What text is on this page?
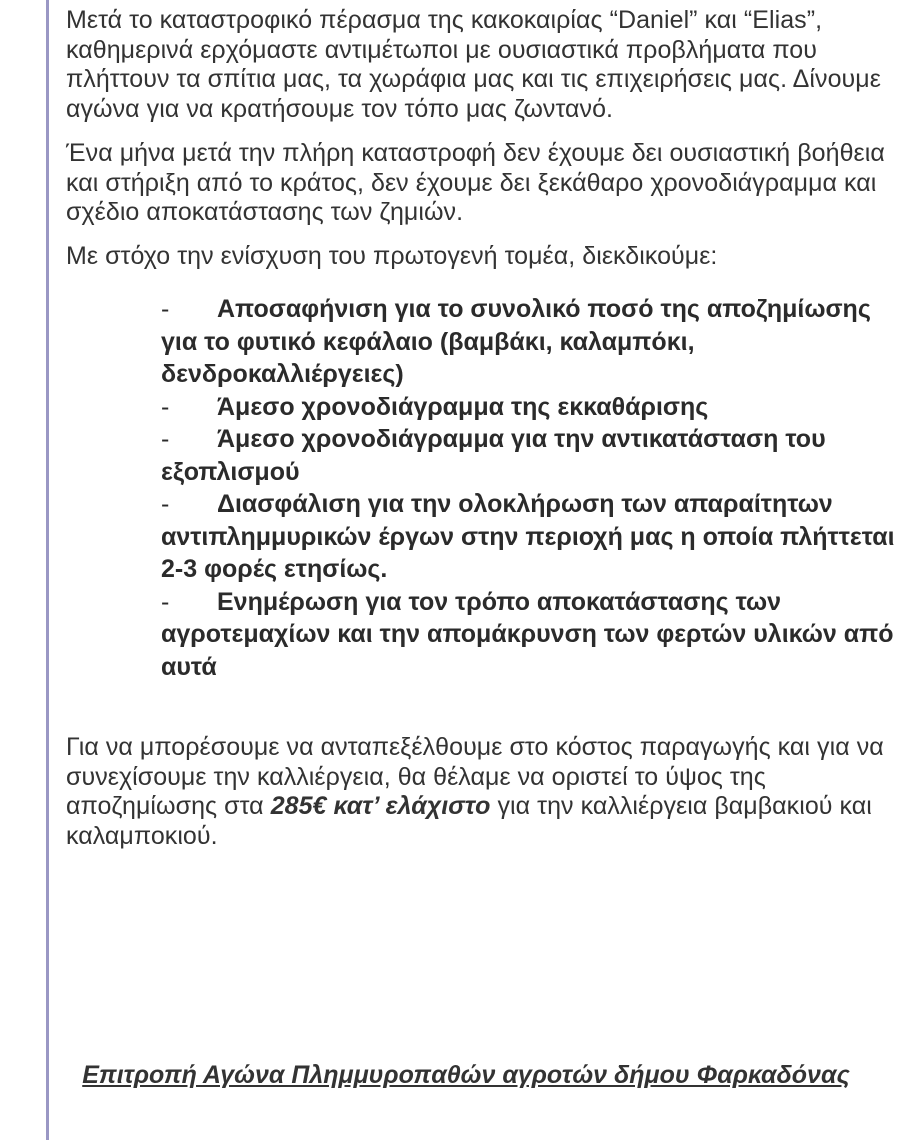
Μετά το καταστροφικό πέρασμα της κακοκαιρίας “Daniel” και “Elias”, καθημερινά ερχόμαστε αντιμέτωποι με ουσιαστικά προβλήματα που πλήττουν τα σπίτια μας, τα χωράφια μας και τις επιχειρήσεις μας. Δίνουμε αγώνα για να κρατήσουμε τον τόπο μας ζωντανό.

Ένα μήνα μετά την πλήρη καταστροφή δεν έχουμε δει ουσιαστική βοήθεια και στήριξη από το κράτος, δεν έχουμε δει ξεκάθαρο χρονοδιάγραμμα και σχέδιο αποκατάστασης των ζημιών.

Με στόχο την ενίσχυση του πρωτογενή τομέα, διεκδικούμε:

- Αποσαφήνιση για το συνολικό ποσό της αποζημίωσης για το φυτικό κεφάλαιο (βαμβάκι, καλαμπόκι, δενδροκαλλιέργειες)
- Άμεσο χρονοδιάγραμμα της εκκαθάρισης
- Άμεσο χρονοδιάγραμμα για την αντικατάσταση του εξοπλισμού
- Διασφάλιση για την ολοκλήρωση των απαραίτητων αντιπλημμυρικών έργων στην περιοχή μας η οποία πλήττεται 2-3 φορές ετησίως.
- Ενημέρωση για τον τρόπο αποκατάστασης των αγροτεμαχίων και την απομάκρυνση των φερτών υλικών από αυτά

Για να μπορέσουμε να ανταπεξέλθουμε στο κόστος παραγωγής και για να συνεχίσουμε την καλλιέργεια, θα θέλαμε να οριστεί το ύψος της αποζημίωσης στα 285€ κατ’ ελάχιστο για την καλλιέργεια βαμβακιού και καλαμποκιού.

Επιτροπή Αγώνα Πλημμυροπαθών αγροτών δήμου Φαρκαδόνας
